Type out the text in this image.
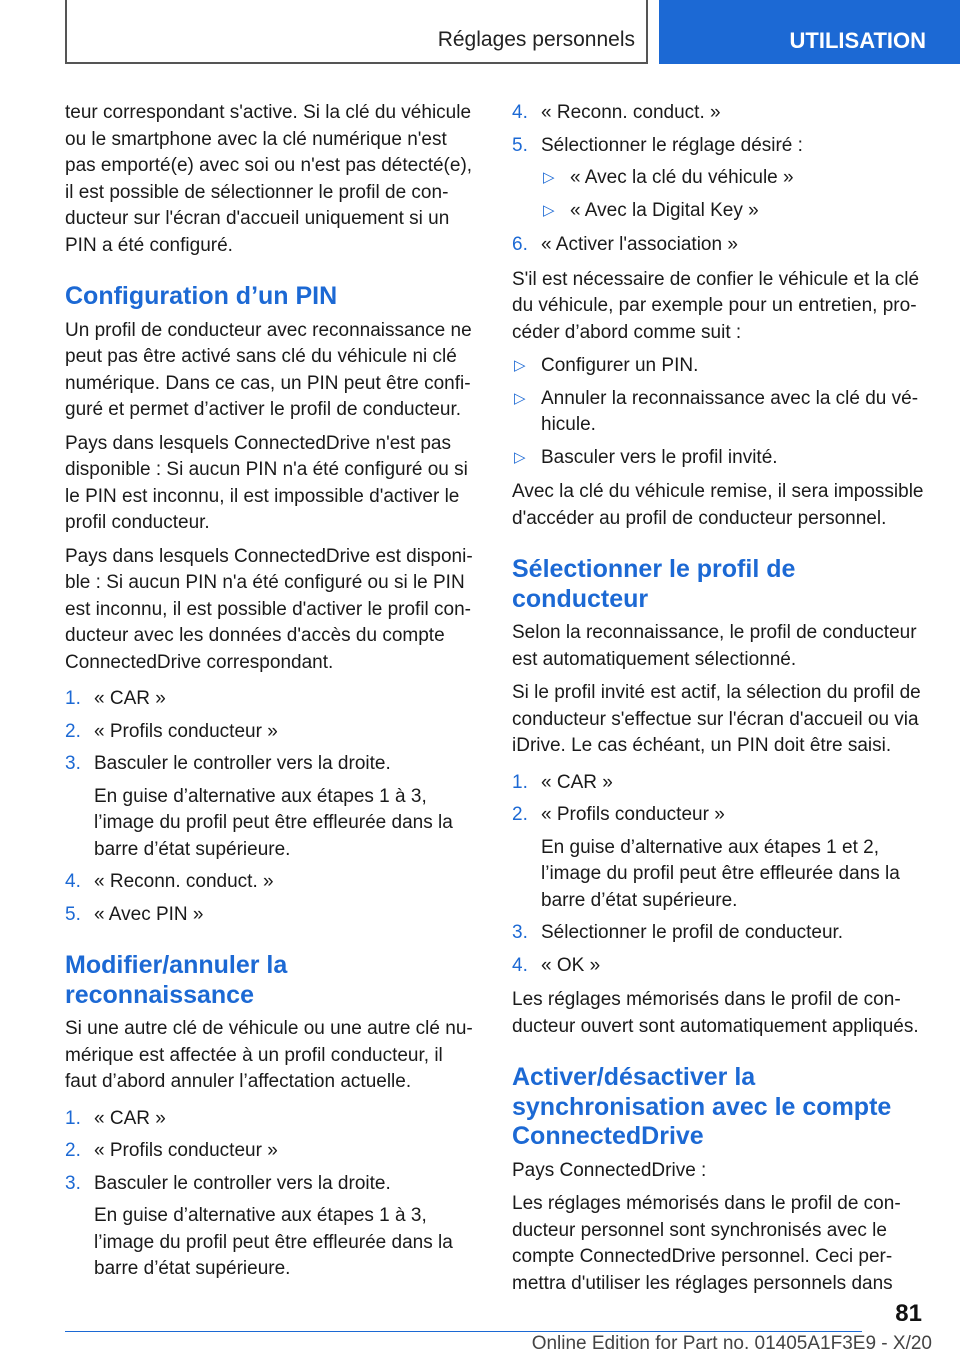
Réglages personnels	UTILISATION

teur correspondant s'active. Si la clé du véhicule ou le smartphone avec la clé numérique n'est pas emporté(e) avec soi ou n'est pas détecté(e), il est possible de sélectionner le profil de conducteur sur l'écran d'accueil uniquement si un PIN a été configuré.

Configuration d’un PIN

Un profil de conducteur avec reconnaissance ne peut pas être activé sans clé du véhicule ni clé numérique. Dans ce cas, un PIN peut être configuré et permet d’activer le profil de conducteur.

Pays dans lesquels ConnectedDrive n'est pas disponible : Si aucun PIN n'a été configuré ou si le PIN est inconnu, il est impossible d'activer le profil conducteur.

Pays dans lesquels ConnectedDrive est disponible : Si aucun PIN n'a été configuré ou si le PIN est inconnu, il est possible d'activer le profil conducteur avec les données d'accès du compte ConnectedDrive correspondant.

1. « CAR »
2. « Profils conducteur »
3. Basculer le controller vers la droite.
En guise d’alternative aux étapes 1 à 3, l’image du profil peut être effleurée dans la barre d’état supérieure.
4. « Reconn. conduct. »
5. « Avec PIN »
Modifier/annuler la reconnaissance

Si une autre clé de véhicule ou une autre clé numérique est affectée à un profil conducteur, il faut d’abord annuler l’affectation actuelle.

1. « CAR »
2. « Profils conducteur »
3. Basculer le controller vers la droite.
En guise d’alternative aux étapes 1 à 3, l’image du profil peut être effleurée dans la barre d’état supérieure.
4. « Reconn. conduct. »
5. Sélectionner le réglage désiré :
▷ « Avec la clé du véhicule »
▷ « Avec la Digital Key »
6. « Activer l'association »

S'il est nécessaire de confier le véhicule et la clé du véhicule, par exemple pour un entretien, procéder d’abord comme suit :

▷ Configurer un PIN.
▷ Annuler la reconnaissance avec la clé du véhicule.
▷ Basculer vers le profil invité.

Avec la clé du véhicule remise, il sera impossible d'accéder au profil de conducteur personnel.

Sélectionner le profil de conducteur

Selon la reconnaissance, le profil de conducteur est automatiquement sélectionné.

Si le profil invité est actif, la sélection du profil de conducteur s'effectue sur l'écran d'accueil ou via iDrive. Le cas échéant, un PIN doit être saisi.

1. « CAR »
2. « Profils conducteur »
En guise d’alternative aux étapes 1 et 2, l’image du profil peut être effleurée dans la barre d’état supérieure.
3. Sélectionner le profil de conducteur.
4. « OK »

Les réglages mémorisés dans le profil de conducteur ouvert sont automatiquement appliqués.

Activer/désactiver la synchronisation avec le compte ConnectedDrive

Pays ConnectedDrive :

Les réglages mémorisés dans le profil de conducteur personnel sont synchronisés avec le compte ConnectedDrive personnel. Ceci permettra d'utiliser les réglages personnels dans

81
Online Edition for Part no. 01405A1F3E9 - X/20
